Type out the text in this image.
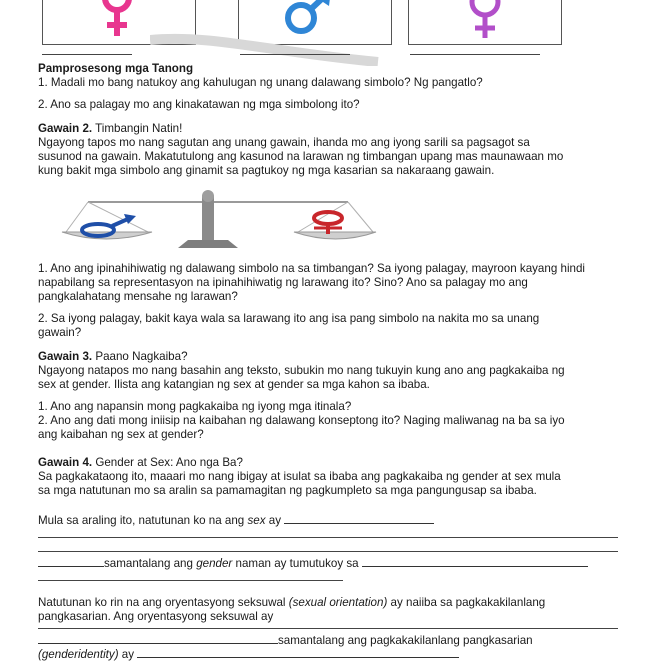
Pamprosesong mga Tanong
1. Madali mo bang natukoy ang kahulugan ng unang dalawang simbolo? Ng pangatlo?
2. Ano sa palagay mo ang kinakatawan ng mga simbolong ito?
Gawain 2. Timbangin Natin!
Ngayong tapos mo nang sagutan ang unang gawain, ihanda mo ang iyong sarili sa pagsagot sa
susunod na gawain. Makatutulong ang kasunod na larawan ng timbangan upang mas maunawaan mo
kung bakit mga simbolo ang ginamit sa pagtukoy ng mga kasarian sa nakaraang gawain.
1. Ano ang ipinahihiwatig ng dalawang simbolo na sa timbangan? Sa iyong palagay, mayroon kayang hindi
napabilang sa representasyon na ipinahihiwatig ng larawang ito? Sino? Ano sa palagay mo ang
pangkalahatang mensahe ng larawan?
2. Sa iyong palagay, bakit kaya wala sa larawang ito ang isa pang simbolo na nakita mo sa unang
gawain?
Gawain 3. Paano Nagkaiba?
Ngayong natapos mo nang basahin ang teksto, subukin mo nang tukuyin kung ano ang pagkakaiba ng
sex at gender. Ilista ang katangian ng sex at gender sa mga kahon sa ibaba.
1. Ano ang napansin mong pagkakaiba ng iyong mga itinala?
2. Ano ang dati mong iniisip na kaibahan ng dalawang konseptong ito? Naging maliwanag na ba sa iyo
ang kaibahan ng sex at gender?
Gawain 4. Gender at Sex: Ano nga Ba?
Sa pagkakataong ito, maaari mo nang ibigay at isulat sa ibaba ang pagkakaiba ng gender at sex mula
sa mga natutunan mo sa aralin sa pamamagitan ng pagkumpleto sa mga pangungusap sa ibaba.
Mula sa araling ito, natutunan ko na ang sex ay
samantalang ang gender naman ay tumutukoy sa
Natutunan ko rin na ang oryentasyong seksuwal (sexual orientation) ay naiiba sa pagkakakilanlang
pangkasarian. Ang oryentasyong seksuwal ay
samantalang ang pagkakakilanlang pangkasarian
(genderidentity) ay
